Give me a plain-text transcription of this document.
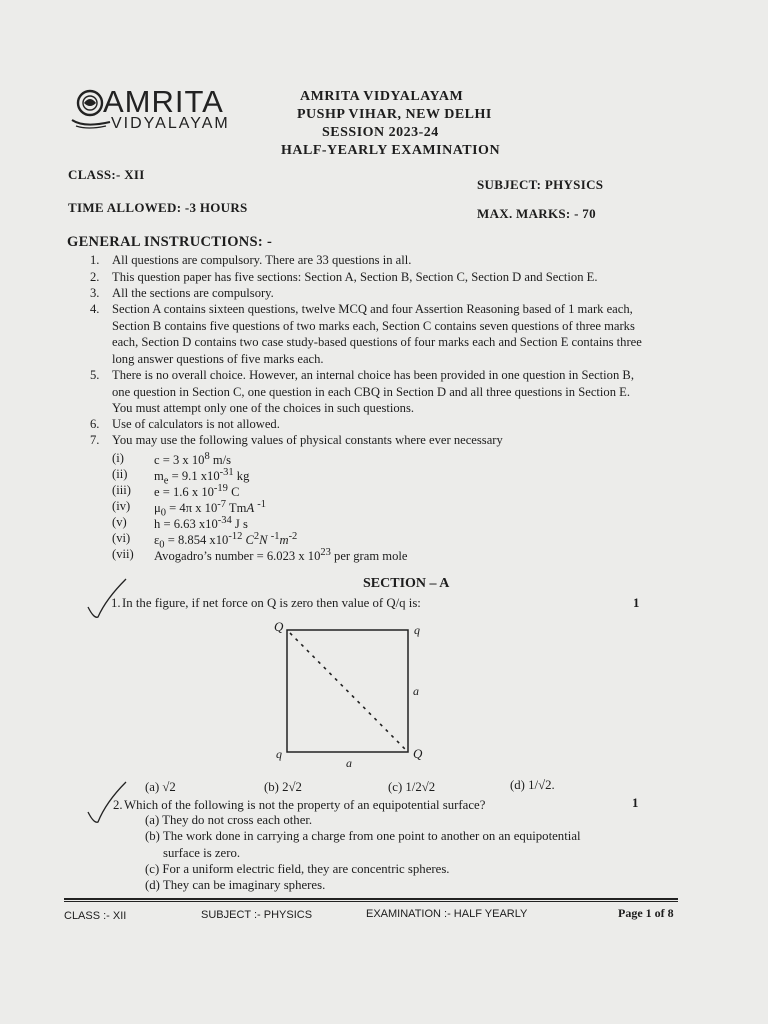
AMRITA
VIDYALAYAM
AMRITA VIDYALAYAM
PUSHP VIHAR, NEW DELHI
SESSION 2023-24
HALF-YEARLY EXAMINATION
CLASS:- XII
SUBJECT: PHYSICS
TIME ALLOWED: -3 HOURS	MAX. MARKS: - 70
GENERAL INSTRUCTIONS: -
1. All questions are compulsory. There are 33 questions in all.
2. This question paper has five sections: Section A, Section B, Section C, Section D and Section E.
3. All the sections are compulsory.
4. Section A contains sixteen questions, twelve MCQ and four Assertion Reasoning based of 1 mark each, Section B contains five questions of two marks each, Section C contains seven questions of three marks each, Section D contains two case study-based questions of four marks each and Section E contains three long answer questions of five marks each.
5. There is no overall choice. However, an internal choice has been provided in one question in Section B, one question in Section C, one question in each CBQ in Section D and all three questions in Section E. You must attempt only one of the choices in such questions.
6. Use of calculators is not allowed.
7. You may use the following values of physical constants where ever necessary
(i) c = 3 x $10^8$ m/s
(ii) $m_e = 9.1$ $x10^{-31}$ kg
(iii) e = 1.6 x $10^{-19}$ C
(iv) $\mu_0 = 4\pi$ x $10^{-7}$ TmA $^{-1}$
(v) h = 6.63 $x10^{-34}$ J s
(vi) $\varepsilon_0 = 8.854$ $x10^{-12}$ $C^2N$ $^{-1}m^{-2}$
(vii) Avogadro’s number = 6.023 x $10^{23}$ per gram mole
SECTION – A
1. In the figure, if net force on Q is zero then value of Q/q is:	1
Q	q
q	Q
a
a
(a) √2	(b) 2√2	(c) 1/2√2	(d) 1/√2.
2. Which of the following is not the property of an equipotential surface?	1
(a) They do not cross each other.
(b) The work done in carrying a charge from one point to another on an equipotential
surface is zero.
(c) For a uniform electric field, they are concentric spheres.
(d) They can be imaginary spheres.
CLASS :- XII	SUBJECT :- PHYSICS	EXAMINATION :- HALF YEARLY	Page 1 of 8
